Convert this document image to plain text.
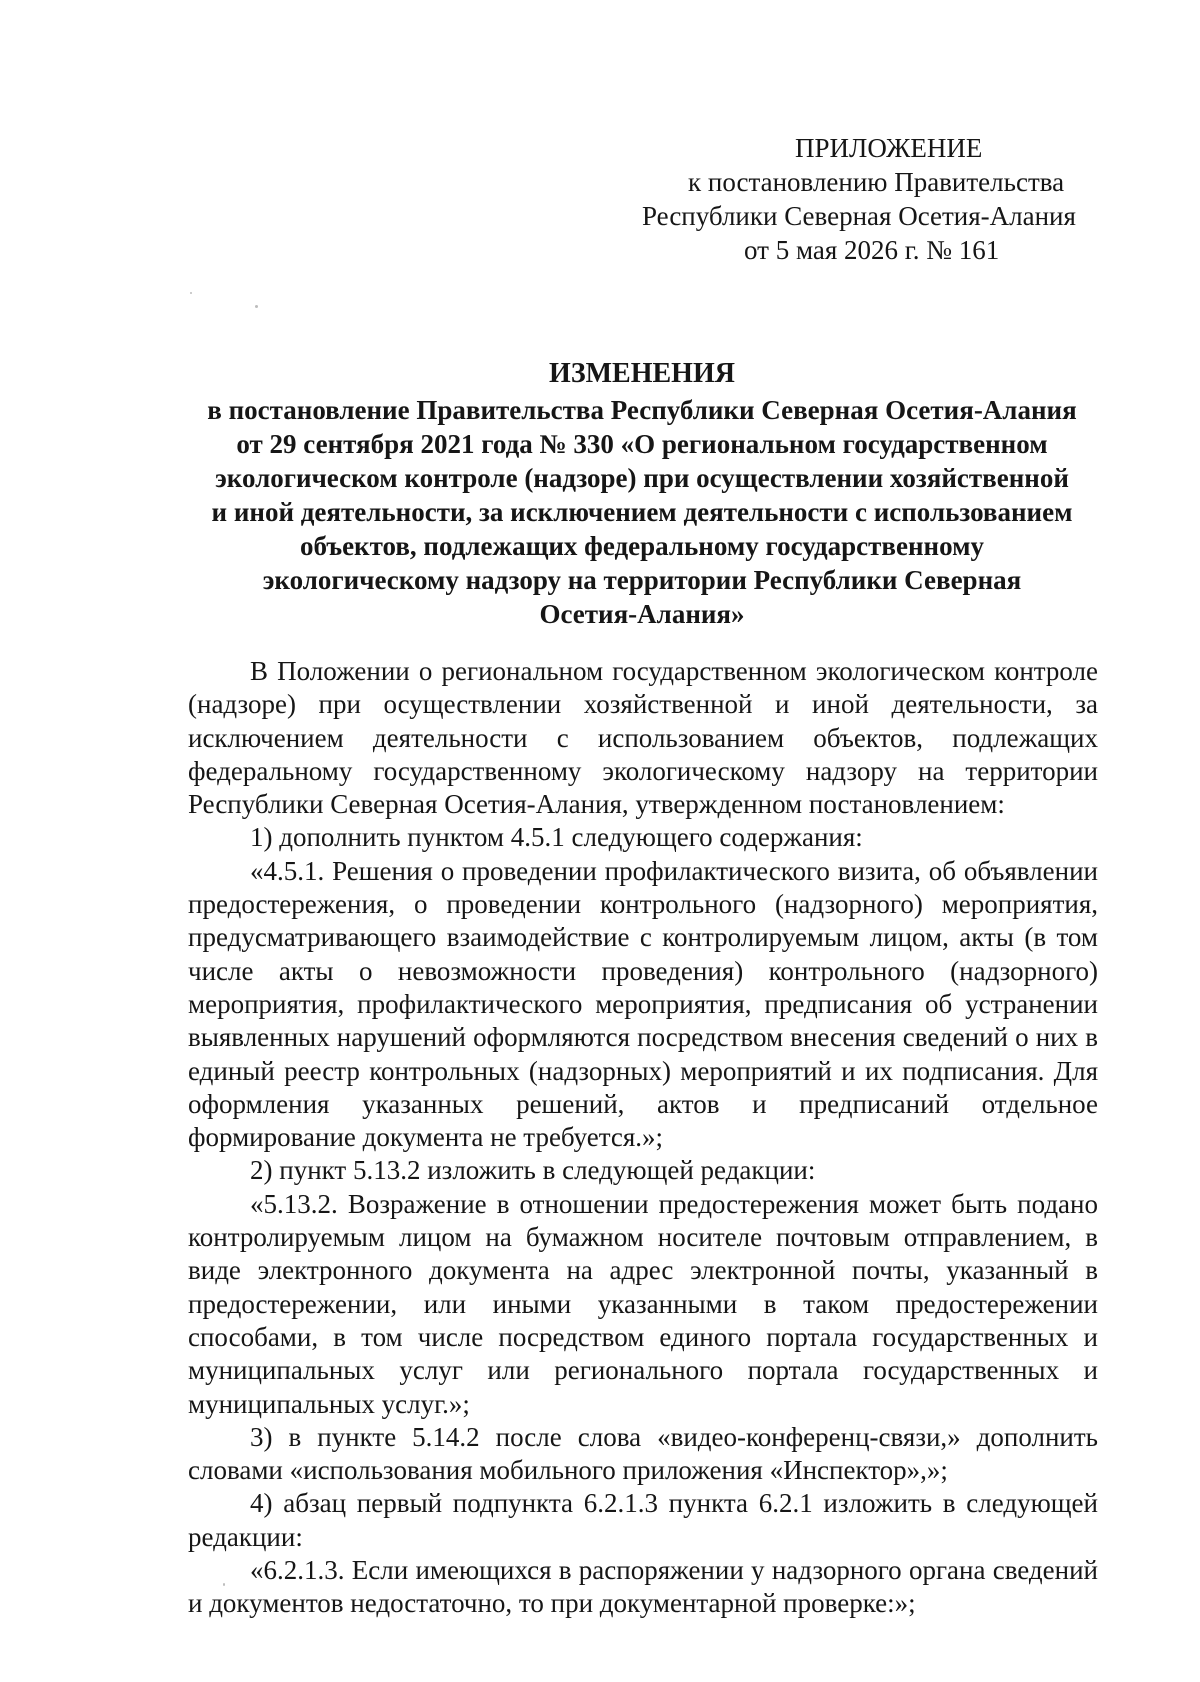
ПРИЛОЖЕНИЕ
к постановлению Правительства
Республики Северная Осетия-Алания
от 5 мая 2026 г. № 161
ИЗМЕНЕНИЯ
в постановление Правительства Республики Северная Осетия-Алания
от 29 сентября 2021 года № 330 «О региональном государственном
экологическом контроле (надзоре) при осуществлении хозяйственной
и иной деятельности, за исключением деятельности с использованием
объектов, подлежащих федеральному государственному
экологическому надзору на территории Республики Северная
Осетия-Алания»

В Положении о региональном государственном экологическом контроле (надзоре) при осуществлении хозяйственной и иной деятельности, за исключением деятельности с использованием объектов, подлежащих федеральному государственному экологическому надзору на территории Республики Северная Осетия-Алания, утвержденном постановлением:

1) дополнить пунктом 4.5.1 следующего содержания:

«4.5.1. Решения о проведении профилактического визита, об объявлении предостережения, о проведении контрольного (надзорного) мероприятия, предусматривающего взаимодействие с контролируемым лицом, акты (в том числе акты о невозможности проведения) контрольного (надзорного) мероприятия, профилактического мероприятия, предписания об устранении выявленных нарушений оформляются посредством внесения сведений о них в единый реестр контрольных (надзорных) мероприятий и их подписания. Для оформления указанных решений, актов и предписаний отдельное формирование документа не требуется.»;

2) пункт 5.13.2 изложить в следующей редакции:

«5.13.2. Возражение в отношении предостережения может быть подано контролируемым лицом на бумажном носителе почтовым отправлением, в виде электронного документа на адрес электронной почты, указанный в предостережении, или иными указанными в таком предостережении способами, в том числе посредством единого портала государственных и муниципальных услуг или регионального портала государственных и муниципальных услуг.»;

3) в пункте 5.14.2 после слова «видео-конференц-связи,» дополнить словами «использования мобильного приложения «Инспектор»,»;

4) абзац первый подпункта 6.2.1.3 пункта 6.2.1 изложить в следующей редакции:

«6.2.1.3. Если имеющихся в распоряжении у надзорного органа сведений и документов недостаточно, то при документарной проверке:»;
